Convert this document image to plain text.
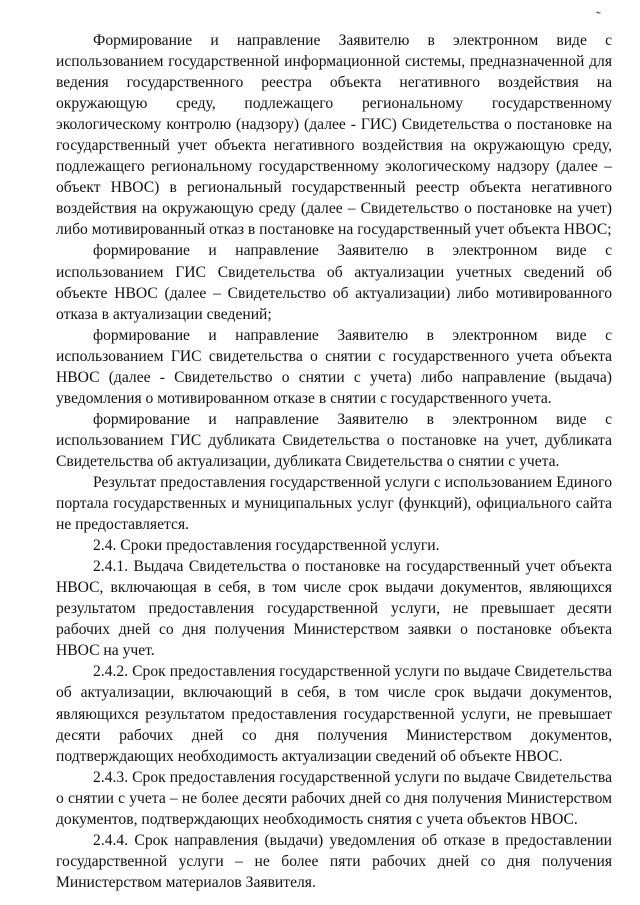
˜

Формирование и направление Заявителю в электронном виде с использованием государственной информационной системы, предназначенной для ведения государственного реестра объекта негативного воздействия на окружающую среду, подлежащего региональному государственному экологическому контролю (надзору) (далее - ГИС) Свидетельства о постановке на государственный учет объекта негативного воздействия на окружающую среду, подлежащего региональному государственному экологическому надзору (далее – объект НВОС) в региональный государственный реестр объекта негативного воздействия на окружающую среду (далее – Свидетельство о постановке на учет) либо мотивированный отказ в постановке на государственный учет объекта НВОС;

формирование и направление Заявителю в электронном виде с использованием ГИС Свидетельства об актуализации учетных сведений об объекте НВОС (далее – Свидетельство об актуализации) либо мотивированного отказа в актуализации сведений;

формирование и направление Заявителю в электронном виде с использованием ГИС свидетельства о снятии с государственного учета объекта НВОС (далее - Свидетельство о снятии с учета) либо направление (выдача) уведомления о мотивированном отказе в снятии с государственного учета.

формирование и направление Заявителю в электронном виде с использованием ГИС дубликата Свидетельства о постановке на учет, дубликата Свидетельства об актуализации, дубликата Свидетельства о снятии с учета.

Результат предоставления государственной услуги с использованием Единого портала государственных и муниципальных услуг (функций), официального сайта не предоставляется.

2.4. Сроки предоставления государственной услуги.

2.4.1. Выдача Свидетельства о постановке на государственный учет объекта НВОС, включающая в себя, в том числе срок выдачи документов, являющихся результатом предоставления государственной услуги, не превышает десяти рабочих дней со дня получения Министерством заявки о постановке объекта НВОС на учет.

2.4.2. Срок предоставления государственной услуги по выдаче Свидетельства об актуализации, включающий в себя, в том числе срок выдачи документов, являющихся результатом предоставления государственной услуги, не превышает десяти рабочих дней со дня получения Министерством документов, подтверждающих необходимость актуализации сведений об объекте НВОС.

2.4.3. Срок предоставления государственной услуги по выдаче Свидетельства о снятии с учета – не более десяти рабочих дней со дня получения Министерством документов, подтверждающих необходимость снятия с учета объектов НВОС.

2.4.4. Срок направления (выдачи) уведомления об отказе в предоставлении государственной услуги – не более пяти рабочих дней со дня получения Министерством материалов Заявителя.
